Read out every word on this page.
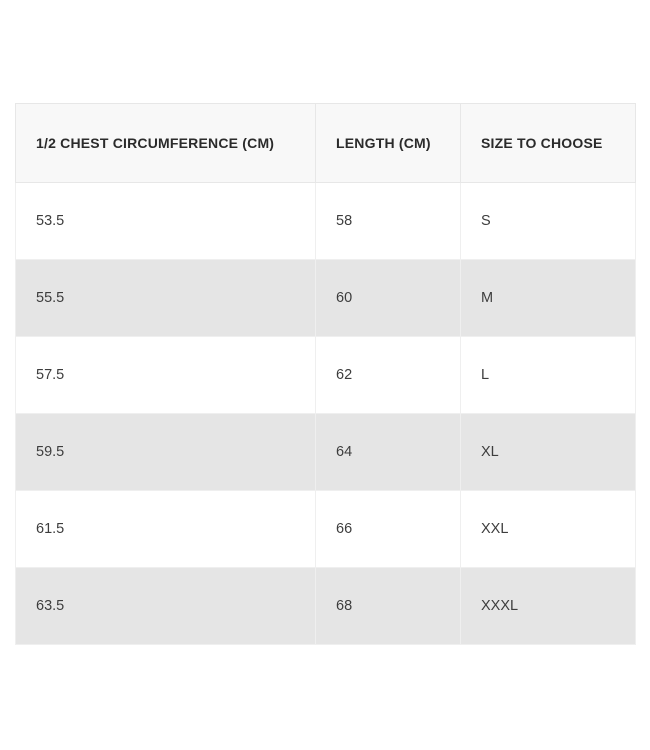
1/2 CHEST CIRCUMFERENCE (CM)	LENGTH (CM)	SIZE TO CHOOSE
53.5	58	S
55.5	60	M
57.5	62	L
59.5	64	XL
61.5	66	XXL
63.5	68	XXXL
